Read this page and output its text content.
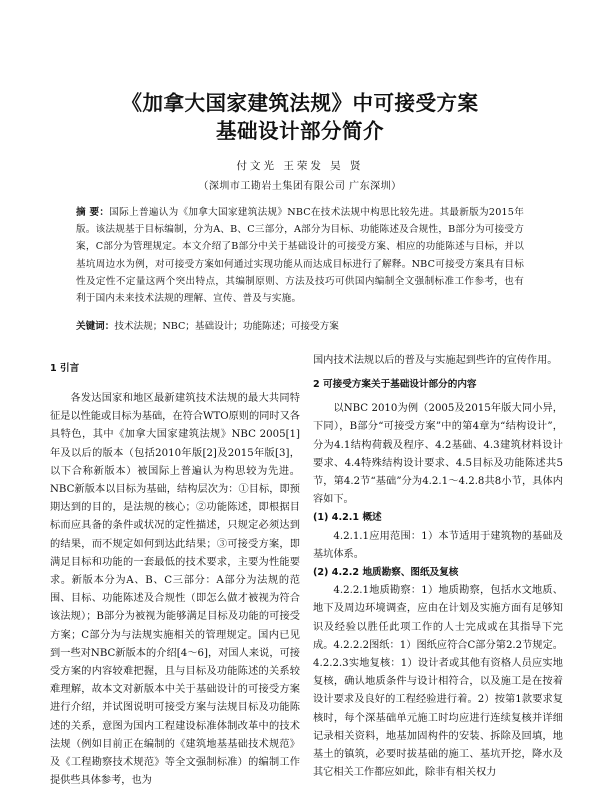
《加拿大国家建筑法规》中可接受方案
基础设计部分简介
付文光 王荣发 吴 贤
（深圳市工勘岩土集团有限公司 广东深圳）
摘 要：国际上普遍认为《加拿大国家建筑法规》NBC在技术法规中构思比较先进。其最新版为2015年版。该法规基于目标编制，分为A、B、C三部分，A部分为目标、功能陈述及合规性，B部分为可接受方案，C部分为管理规定。本文介绍了B部分中关于基础设计的可接受方案、相应的功能陈述与目标，并以基坑周边水为例，对可接受方案如何通过实现功能从而达成目标进行了解释。NBC可接受方案具有目标性及定性不定量这两个突出特点，其编制原则、方法及技巧可供国内编制全文强制标准工作参考，也有利于国内未来技术法规的理解、宣传、普及与实施。
关键词：技术法规；NBC；基础设计；功能陈述；可接受方案

1 引言

各发达国家和地区最新建筑技术法规的最大共同特征是以性能或目标为基础，在符合WTO原则的同时又各具特色，其中《加拿大国家建筑法规》NBC 2005[1]年及以后的版本（包括2010年版[2]及2015年版[3]，以下合称新版本）被国际上普遍认为构思较为先进。NBC新版本以目标为基础，结构层次为：①目标，即预期达到的目的，是法规的核心；②功能陈述，即根据目标而应具备的条件或状况的定性描述，只规定必须达到的结果，而不规定如何到达此结果；③可接受方案，即满足目标和功能的一套最低的技术要求，主要为性能要求。新版本分为A、B、C三部分：A部分为法规的范围、目标、功能陈述及合规性（即怎么做才被视为符合该法规）；B部分为被视为能够满足目标及功能的可接受方案；C部分为与法规实施相关的管理规定。国内已见到一些对NBC新版本的介绍[4～6]，对国人来说，可接受方案的内容较难把握，且与目标及功能陈述的关系较难理解，故本文对新版本中关于基础设计的可接受方案进行介绍，并试图说明可接受方案与法规目标及功能陈述的关系，意图为国内工程建设标准体制改革中的技术法规（例如目前正在编制的《建筑地基基础技术规范》及《工程勘察技术规范》等全文强制标准）的编制工作提供些具体参考，也为

国内技术法规以后的普及与实施起到些许的宣传作用。

2 可接受方案关于基础设计部分的内容

以NBC 2010为例（2005及2015年版大同小异，下同），B部分“可接受方案”中的第4章为“结构设计”，分为4.1结构荷载及程序、4.2基础、4.3建筑材料设计要求、4.4特殊结构设计要求、4.5目标及功能陈述共5节，第4.2节“基础”分为4.2.1～4.2.8共8小节，具体内容如下。

(1) 4.2.1 概述

4.2.1.1应用范围：1）本节适用于建筑物的基础及基坑体系。

(2) 4.2.2 地质勘察、图纸及复核

4.2.2.1地质勘察：1）地质勘察，包括水文地质、地下及周边环境调查，应由在计划及实施方面有足够知识及经验以胜任此项工作的人士完成或在其指导下完成。4.2.2.2图纸：1）图纸应符合C部分第2.2节规定。4.2.2.3实地复核：1）设计者或其他有资格人员应实地复核，确认地质条件与设计相符合，以及施工是在按着设计要求及良好的工程经验进行着。2）按第1款要求复核时，每个深基础单元施工时均应进行连续复核并详细记录相关资料，地基加固构件的安装、拆除及回填，地基土的镇筑，必要时拔基础的施工、基坑开挖，降水及其它相关工作都应如此，除非有相关权力
